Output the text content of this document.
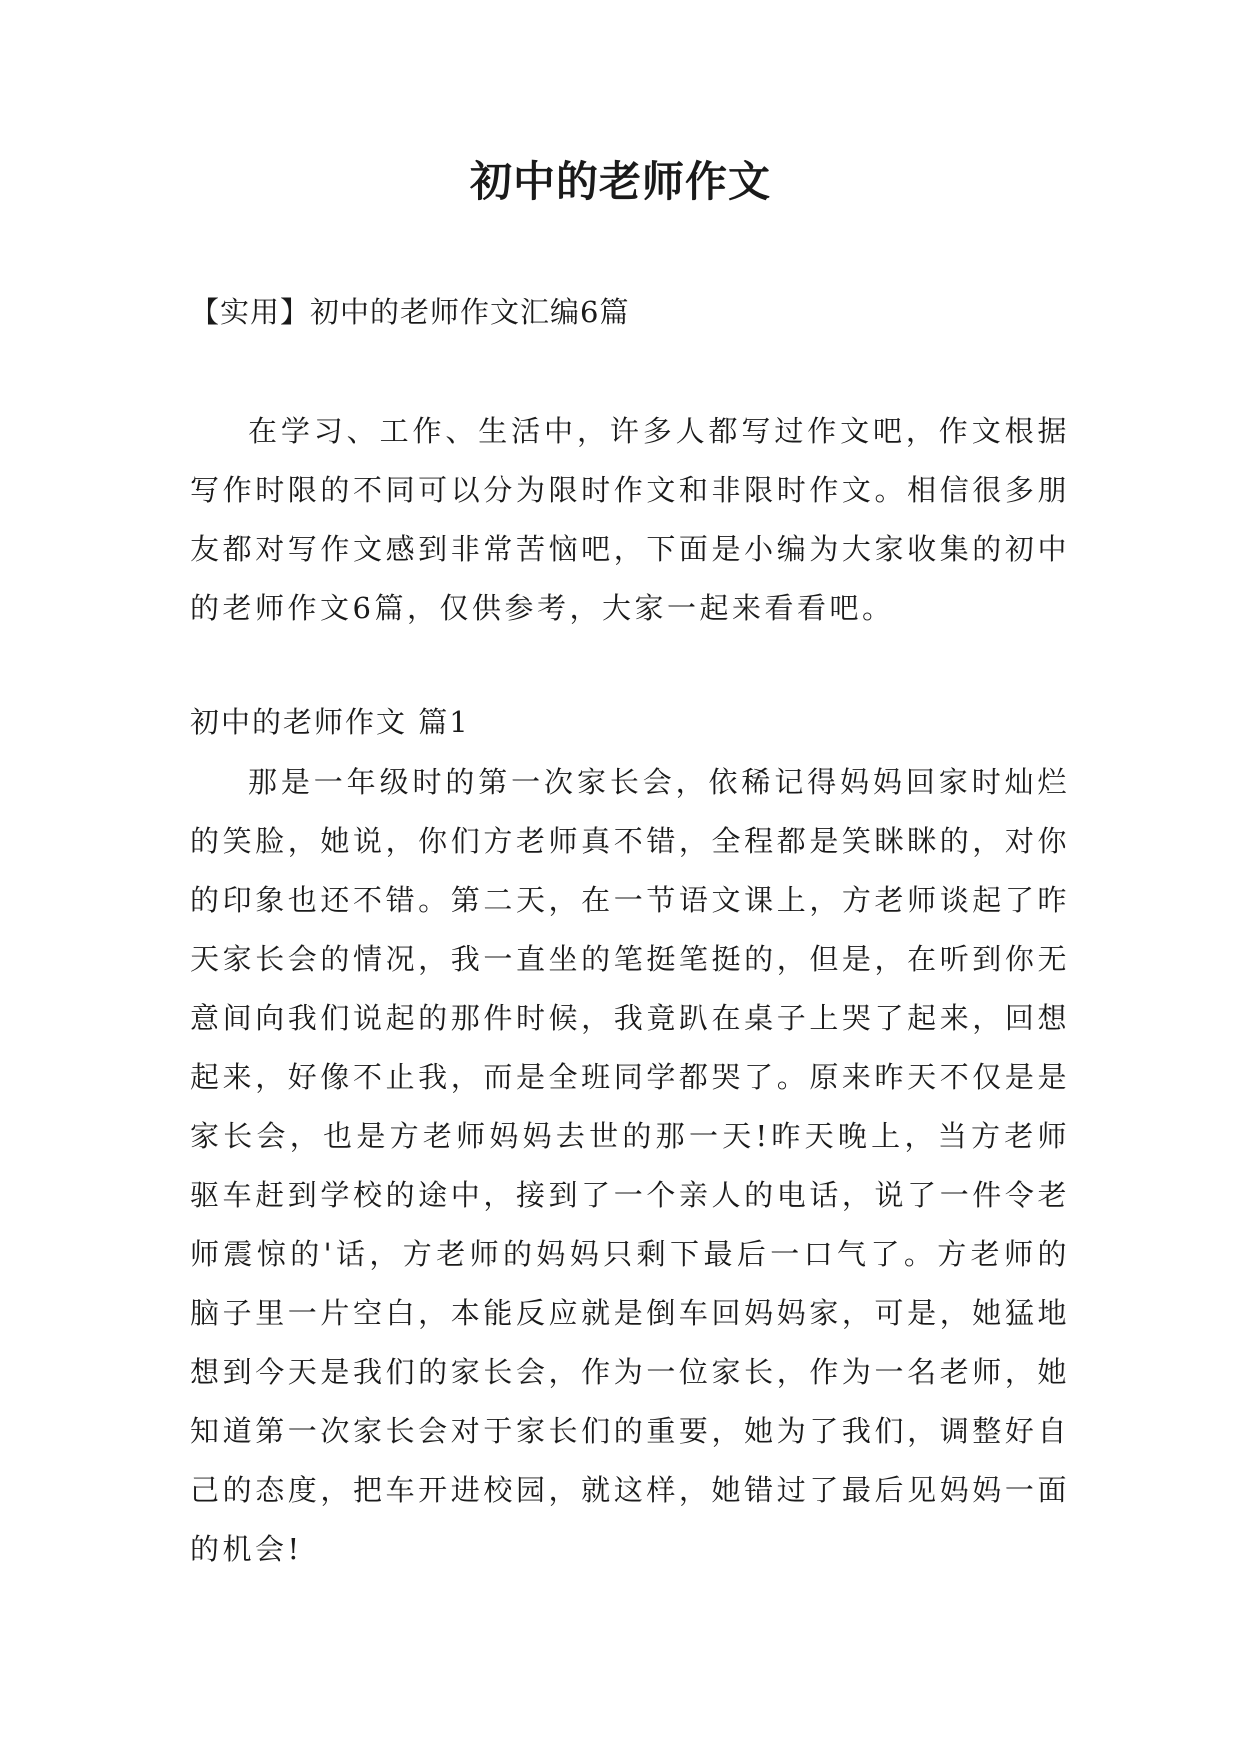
初中的老师作文

【实用】初中的老师作文汇编6篇

在学习、工作、生活中，许多人都写过作文吧，作文根据写作时限的不同可以分为限时作文和非限时作文。相信很多朋友都对写作文感到非常苦恼吧，下面是小编为大家收集的初中的老师作文6篇，仅供参考，大家一起来看看吧。

初中的老师作文 篇1

那是一年级时的第一次家长会，依稀记得妈妈回家时灿烂的笑脸，她说，你们方老师真不错，全程都是笑眯眯的，对你的印象也还不错。第二天，在一节语文课上，方老师谈起了昨天家长会的情况，我一直坐的笔挺笔挺的，但是，在听到你无意间向我们说起的那件时候，我竟趴在桌子上哭了起来，回想起来，好像不止我，而是全班同学都哭了。原来昨天不仅是是家长会，也是方老师妈妈去世的那一天!昨天晚上，当方老师驱车赶到学校的途中，接到了一个亲人的电话，说了一件令老师震惊的'话，方老师的妈妈只剩下最后一口气了。方老师的脑子里一片空白，本能反应就是倒车回妈妈家，可是，她猛地想到今天是我们的家长会，作为一位家长，作为一名老师，她知道第一次家长会对于家长们的重要，她为了我们，调整好自己的态度，把车开进校园，就这样，她错过了最后见妈妈一面的机会!
